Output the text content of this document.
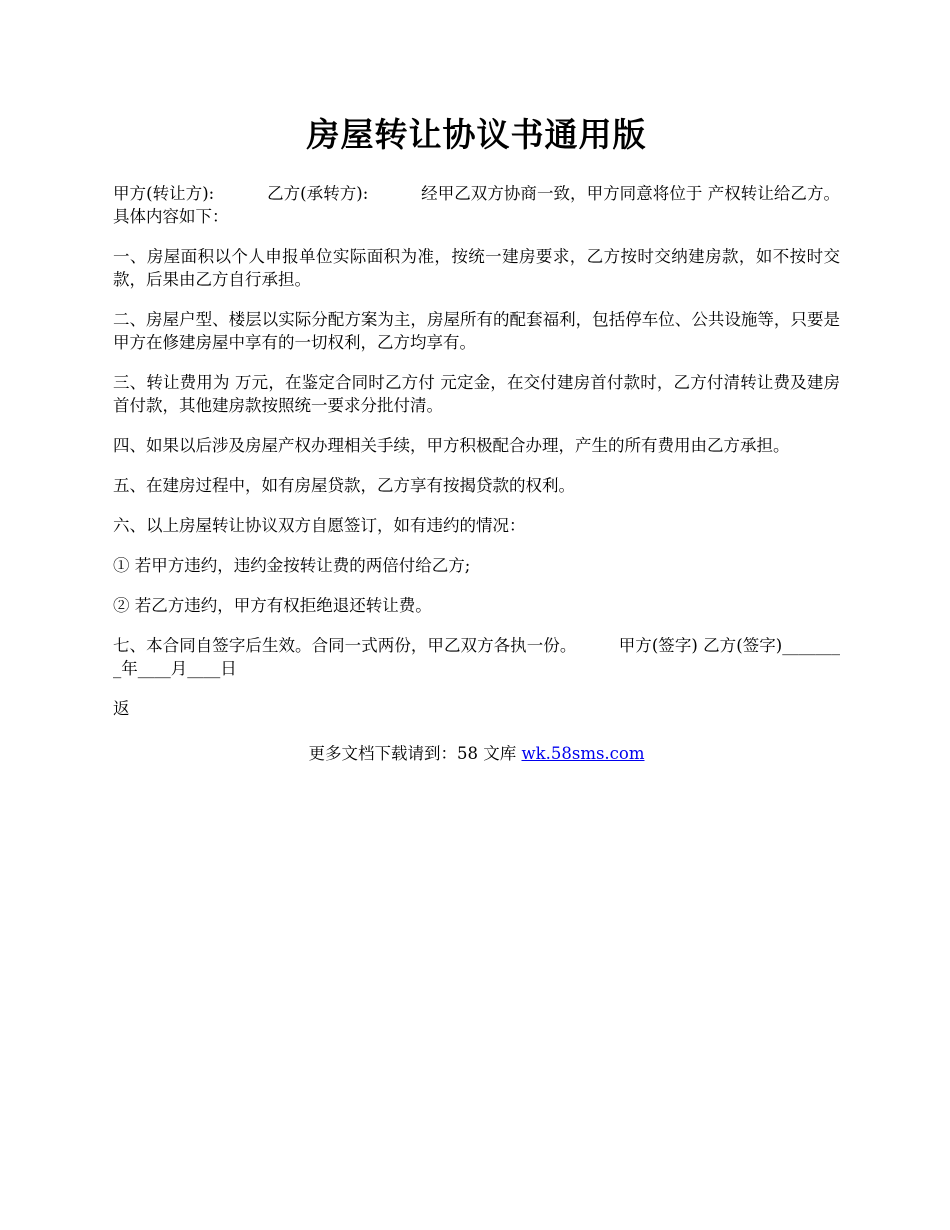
房屋转让协议书通用版

甲方(转让方):          乙方(承转方):          经甲乙双方协商一致，甲方同意将位于 产权转让给乙方。具体内容如下：

一、房屋面积以个人申报单位实际面积为准，按统一建房要求，乙方按时交纳建房款，如不按时交款，后果由乙方自行承担。

二、房屋户型、楼层以实际分配方案为主，房屋所有的配套福利，包括停车位、公共设施等，只要是甲方在修建房屋中享有的一切权利，乙方均享有。

三、转让费用为 万元，在鉴定合同时乙方付 元定金，在交付建房首付款时，乙方付清转让费及建房首付款，其他建房款按照统一要求分批付清。

四、如果以后涉及房屋产权办理相关手续，甲方积极配合办理，产生的所有费用由乙方承担。

五、在建房过程中，如有房屋贷款，乙方享有按揭贷款的权利。

六、以上房屋转让协议双方自愿签订，如有违约的情况：

① 若甲方违约，违约金按转让费的两倍付给乙方;

② 若乙方违约，甲方有权拒绝退还转让费。

七、本合同自签字后生效。合同一式两份，甲乙双方各执一份。        甲方(签字) 乙方(签字)________年____月____日

返

更多文档下载请到：58 文库 wk.58sms.com
